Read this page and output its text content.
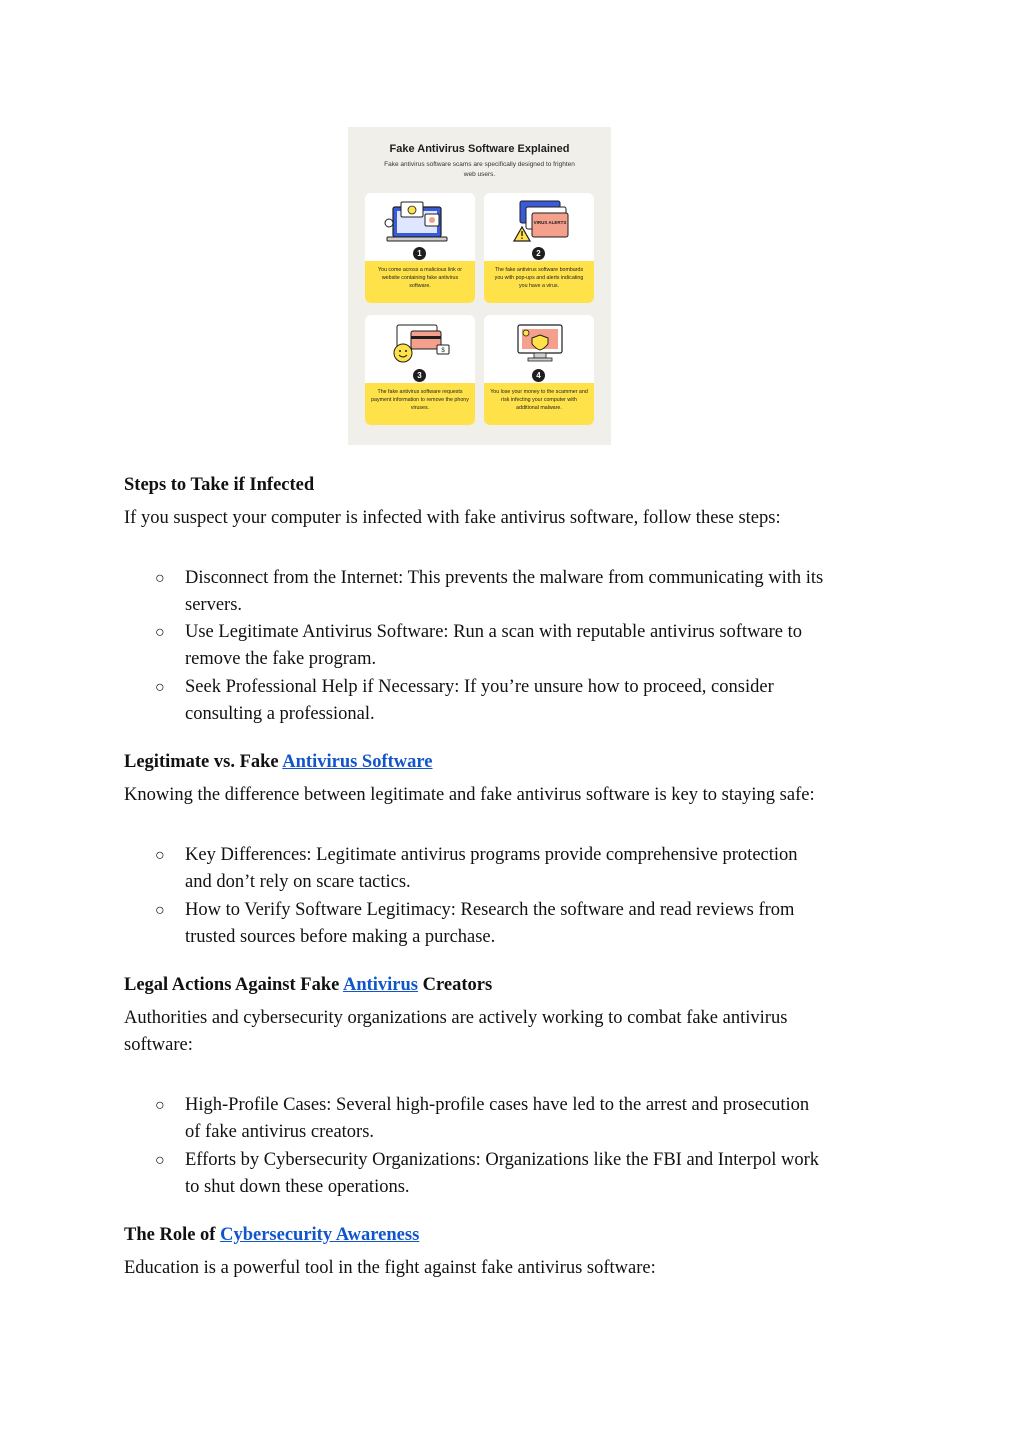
Fake Antivirus Software Explained
Fake antivirus software scams are specifically designed to frighten web users.
1
You come across a malicious link or website containing fake antivirus software.
VIRUS ALERTS
2
The fake antivirus software bombards you with pop-ups and alerts indicating you have a virus.
$
3
The fake antivirus software requests payment information to remove the phony viruses.
4
You lose your money to the scammer and risk infecting your computer with additional malware.
Steps to Take if Infected
If you suspect your computer is infected with fake antivirus software, follow these steps:
○ Disconnect from the Internet: This prevents the malware from communicating with its
servers.
○ Use Legitimate Antivirus Software: Run a scan with reputable antivirus software to
remove the fake program.
○ Seek Professional Help if Necessary: If you’re unsure how to proceed, consider
consulting a professional.
Legitimate vs. Fake Antivirus Software
Knowing the difference between legitimate and fake antivirus software is key to staying safe:
○ Key Differences: Legitimate antivirus programs provide comprehensive protection
and don’t rely on scare tactics.
○ How to Verify Software Legitimacy: Research the software and read reviews from
trusted sources before making a purchase.
Legal Actions Against Fake Antivirus Creators
Authorities and cybersecurity organizations are actively working to combat fake antivirus
software:
○ High-Profile Cases: Several high-profile cases have led to the arrest and prosecution
of fake antivirus creators.
○ Efforts by Cybersecurity Organizations: Organizations like the FBI and Interpol work
to shut down these operations.
The Role of Cybersecurity Awareness
Education is a powerful tool in the fight against fake antivirus software:
